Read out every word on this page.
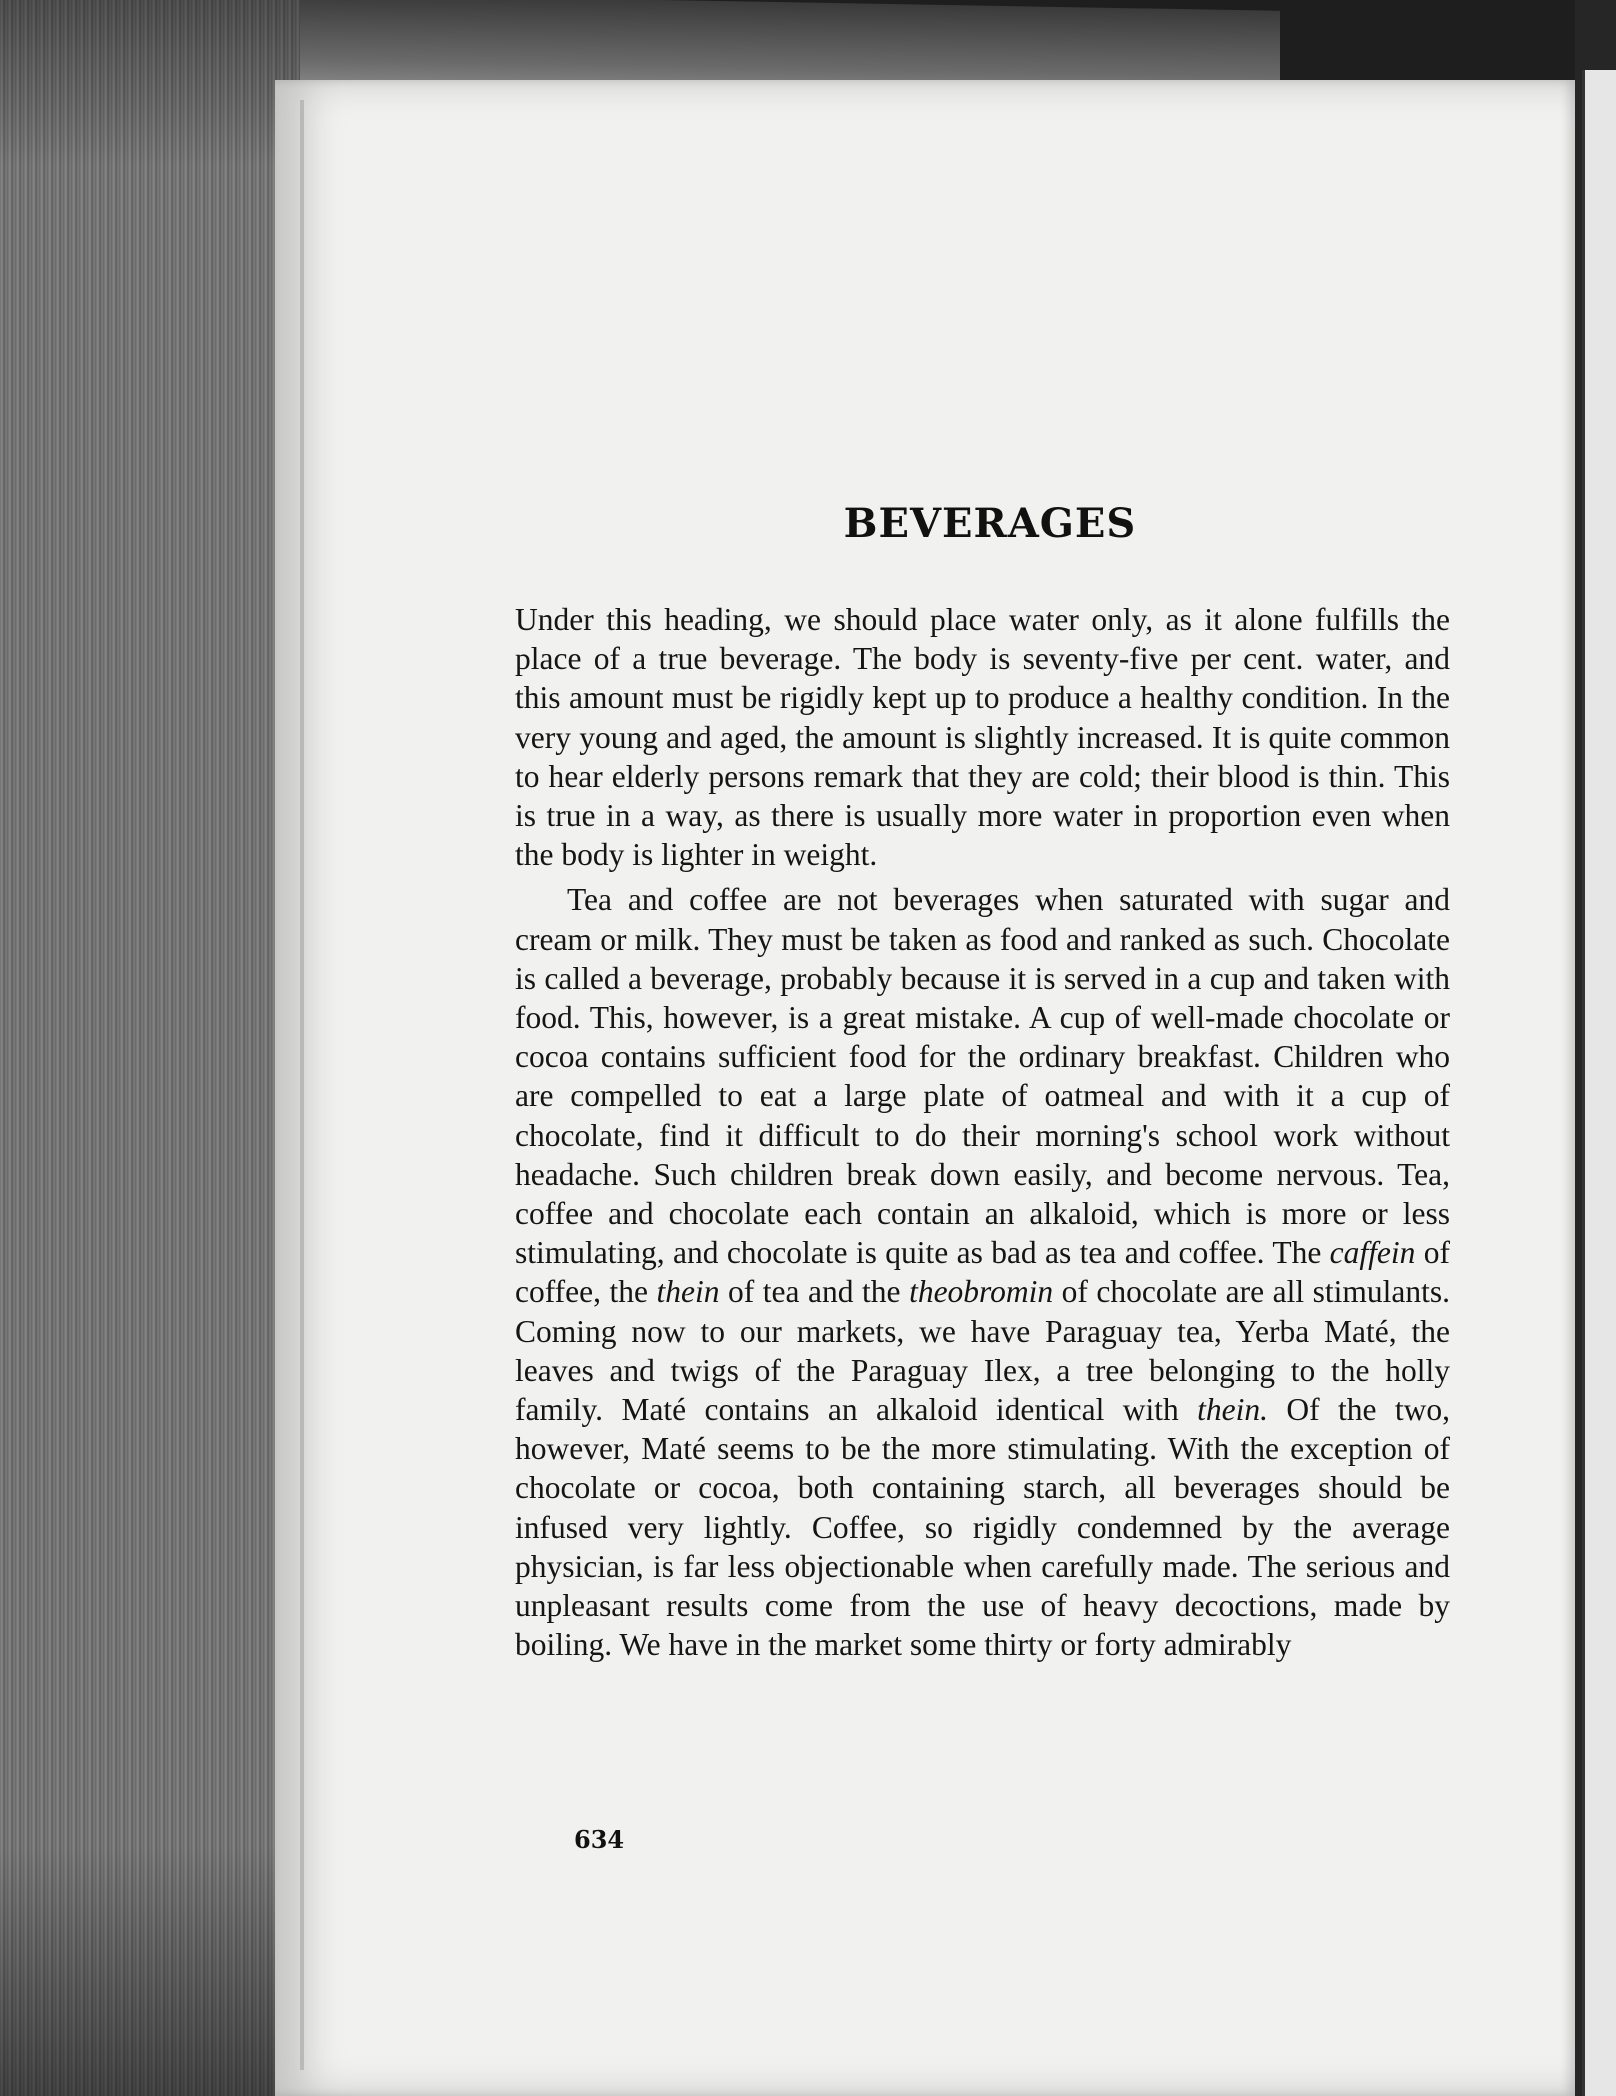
BEVERAGES

Under this heading, we should place water only, as it alone fulfills the place of a true beverage. The body is seventy-five per cent. water, and this amount must be rigidly kept up to produce a healthy condition. In the very young and aged, the amount is slightly increased. It is quite common to hear elderly persons remark that they are cold; their blood is thin. This is true in a way, as there is usually more water in proportion even when the body is lighter in weight.

Tea and coffee are not beverages when saturated with sugar and cream or milk. They must be taken as food and ranked as such. Chocolate is called a beverage, probably because it is served in a cup and taken with food. This, however, is a great mistake. A cup of well-made chocolate or cocoa contains sufficient food for the ordinary breakfast. Children who are compelled to eat a large plate of oatmeal and with it a cup of chocolate, find it difficult to do their morning's school work without headache. Such children break down easily, and become nervous. Tea, coffee and chocolate each contain an alkaloid, which is more or less stimulating, and chocolate is quite as bad as tea and coffee. The caffein of coffee, the thein of tea and the theobromin of chocolate are all stimulants. Coming now to our markets, we have Paraguay tea, Yerba Maté, the leaves and twigs of the Paraguay Ilex, a tree belonging to the holly family. Maté contains an alkaloid identical with thein. Of the two, however, Maté seems to be the more stimulating. With the exception of chocolate or cocoa, both containing starch, all beverages should be infused very lightly. Coffee, so rigidly condemned by the average physician, is far less objectionable when carefully made. The serious and unpleasant results come from the use of heavy decoctions, made by boiling. We have in the market some thirty or forty admirably

634
